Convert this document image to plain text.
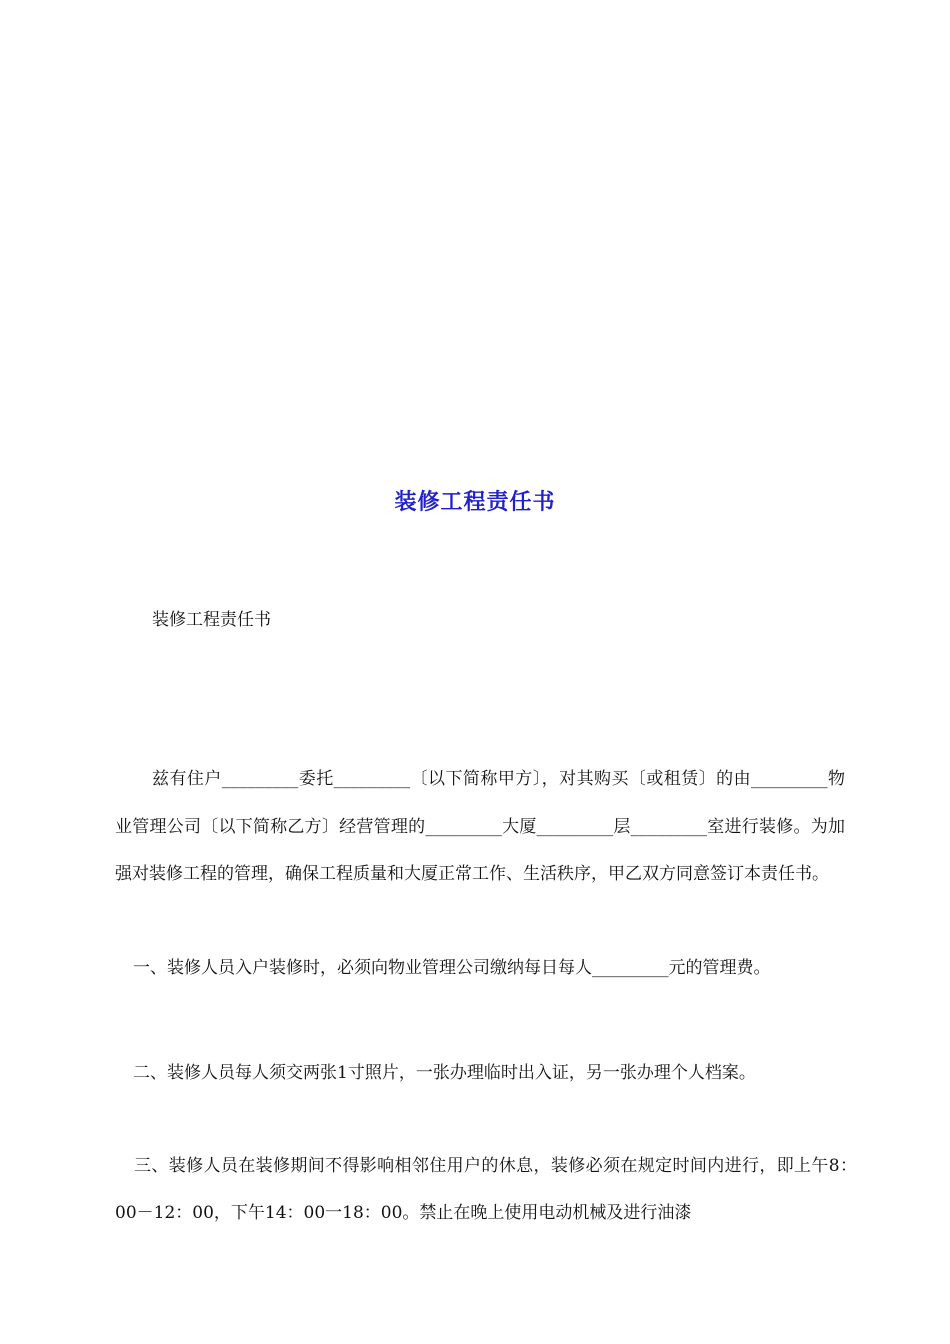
装修工程责任书
装修工程责任书
兹有住户_________委托_________〔以下简称甲方〕，对其购买〔或租赁〕的由_________物业管理公司〔以下简称乙方〕经营管理的_________大厦_________层_________室进行装修。为加强对装修工程的管理，确保工程质量和大厦正常工作、生活秩序，甲乙双方同意签订本责任书。
一、装修人员入户装修时，必须向物业管理公司缴纳每日每人_________元的管理费。
二、装修人员每人须交两张1寸照片，一张办理临时出入证，另一张办理个人档案。
三、装修人员在装修期间不得影响相邻住用户的休息，装修必须在规定时间内进行，即上午8：00－12：00，下午14：00一18：00。禁止在晚上使用电动机械及进行油漆
